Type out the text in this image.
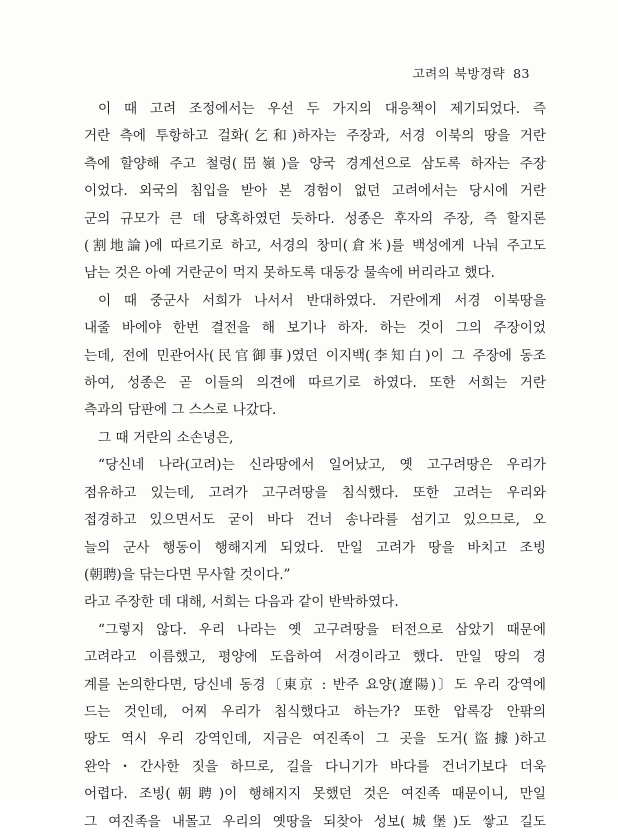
고려의 북방경략 83
이 때 고려 조정에서는 우선 두 가지의 대응책이 제기되었다. 즉
거란 측에 투항하고 걸화(乞和)하자는 주장과, 서경 이북의 땅을 거란
측에 할양해 주고 철령(岊嶺)을 양국 경계선으로 삼도록 하자는 주장
이었다. 외국의 침입을 받아 본 경험이 없던 고려에서는 당시에 거란
군의 규모가 큰 데 당혹하였던 듯하다. 성종은 후자의 주장, 즉 할지론
(割地論)에 따르기로 하고, 서경의 창미(倉米)를 백성에게 나눠 주고도
남는 것은 아예 거란군이 먹지 못하도록 대동강 물속에 버리라고 했다.
이 때 중군사 서희가 나서서 반대하였다. 거란에게 서경 이북땅을
내줄 바에야 한번 결전을 해 보기나 하자. 하는 것이 그의 주장이었
는데, 전에 민관어사(民官御事)였던 이지백(李知白)이 그 주장에 동조
하여, 성종은 곧 이들의 의견에 따르기로 하였다. 또한 서희는 거란
측과의 담판에 그 스스로 나갔다.
그 때 거란의 소손녕은,
“당신네 나라(고려)는 신라땅에서 일어났고, 옛 고구려땅은 우리가
점유하고 있는데, 고려가 고구려땅을 침식했다. 또한 고려는 우리와
접경하고 있으면서도 굳이 바다 건너 송나라를 섬기고 있으므로, 오
늘의 군사 행동이 행해지게 되었다. 만일 고려가 땅을 바치고 조빙
(朝聘)을 닦는다면 무사할 것이다.”
라고 주장한 데 대해, 서희는 다음과 같이 반박하였다.
“그렇지 않다. 우리 나라는 옛 고구려땅을 터전으로 삼았기 때문에
고려라고 이름했고, 평양에 도읍하여 서경이라고 했다. 만일 땅의 경
계를 논의한다면, 당신네 동경〔東京 : 반주 요양(遼陽)〕도 우리 강역에
드는 것인데, 어찌 우리가 침식했다고 하는가? 또한 압록강 안팎의
땅도 역시 우리 강역인데, 지금은 여진족이 그 곳을 도거(盜據)하고
완악・간사한 짓을 하므로, 길을 다니기가 바다를 건너기보다 더욱
어렵다. 조빙(朝聘)이 행해지지 못했던 것은 여진족 때문이니, 만일
그 여진족을 내몰고 우리의 옛땅을 되찾아 성보(城堡)도 쌓고 길도
